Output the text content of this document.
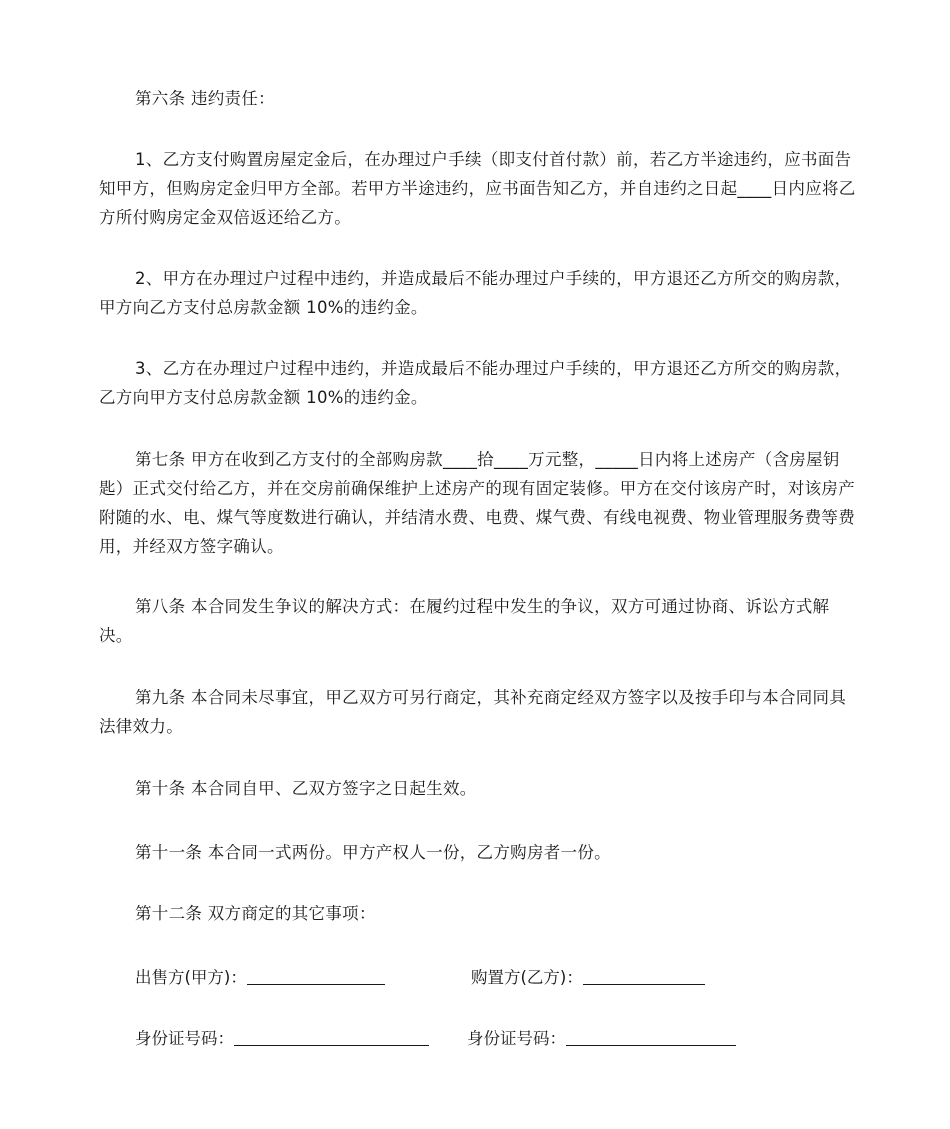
第六条 违约责任：

1、乙方支付购置房屋定金后，在办理过户手续（即支付首付款）前，若乙方半途违约，应书面告知甲方，但购房定金归甲方全部。若甲方半途违约，应书面告知乙方，并自违约之日起____日内应将乙方所付购房定金双倍返还给乙方。

2、甲方在办理过户过程中违约，并造成最后不能办理过户手续的，甲方退还乙方所交的购房款，甲方向乙方支付总房款金额 10%的违约金。

3、乙方在办理过户过程中违约，并造成最后不能办理过户手续的，甲方退还乙方所交的购房款，乙方向甲方支付总房款金额 10%的违约金。

第七条 甲方在收到乙方支付的全部购房款____拾____万元整，_____日内将上述房产（含房屋钥匙）正式交付给乙方，并在交房前确保维护上述房产的现有固定装修。甲方在交付该房产时，对该房产附随的水、电、煤气等度数进行确认，并结清水费、电费、煤气费、有线电视费、物业管理服务费等费用，并经双方签字确认。

第八条 本合同发生争议的解决方式：在履约过程中发生的争议，双方可通过协商、诉讼方式解决。

第九条 本合同未尽事宜，甲乙双方可另行商定，其补充商定经双方签字以及按手印与本合同同具法律效力。

第十条 本合同自甲、乙双方签字之日起生效。

第十一条 本合同一式两份。甲方产权人一份，乙方购房者一份。

第十二条 双方商定的其它事项：

出售方(甲方)：	购置方(乙方)：
身份证号码：	身份证号码：
